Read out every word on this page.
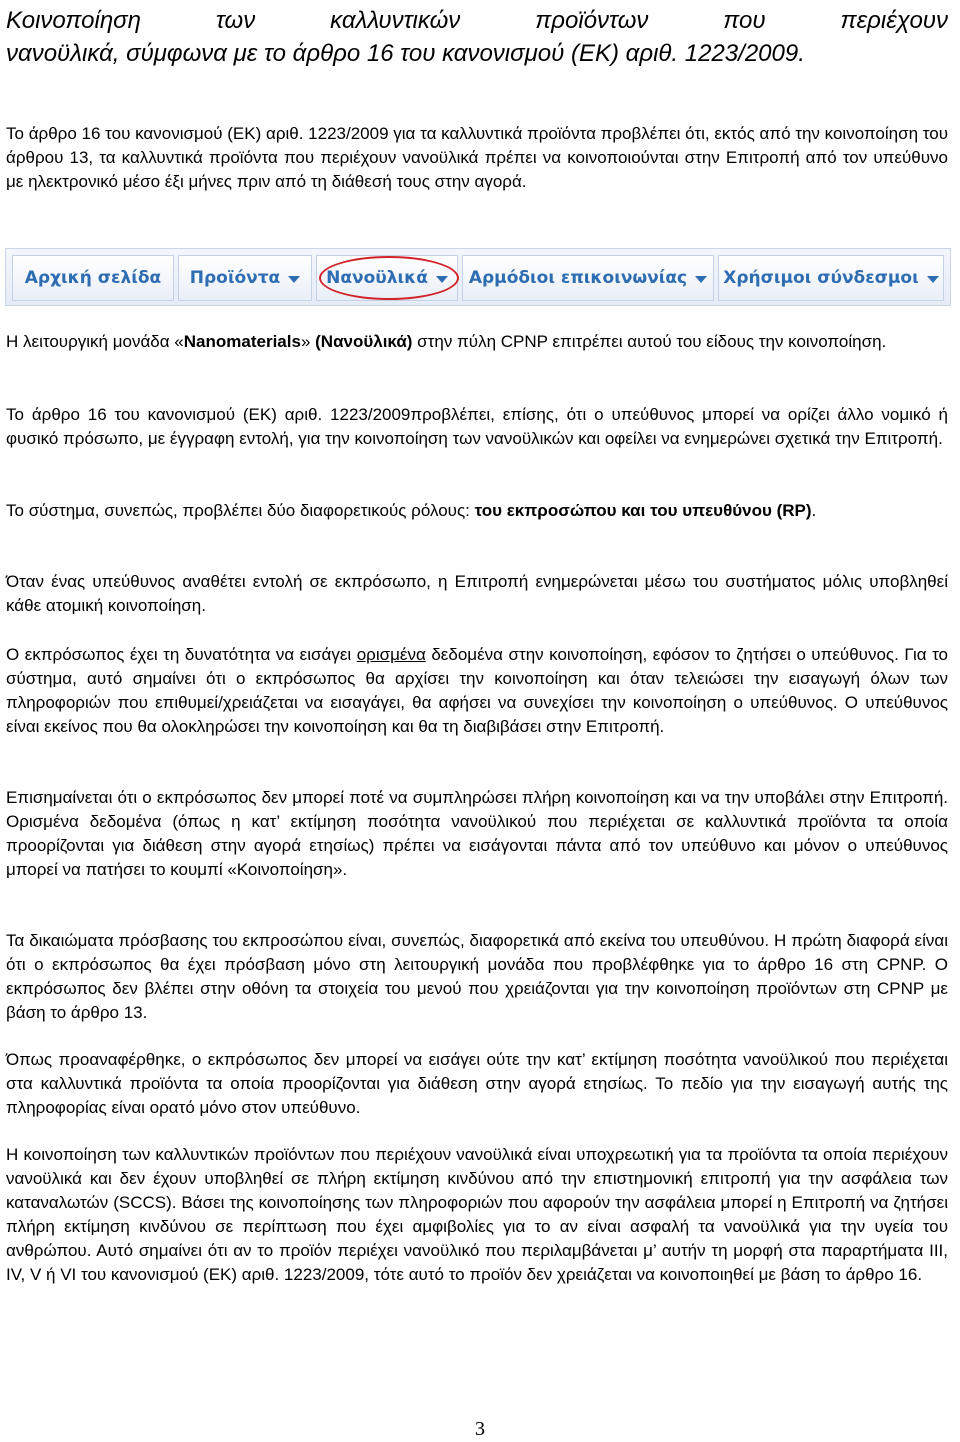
Κοινοποίηση των καλλυντικών προϊόντων που περιέχουν
νανοϋλικά, σύμφωνα με το άρθρο 16 του κανονισμού (ΕΚ) αριθ. 1223/2009.

Το άρθρο 16 του κανονισμού (ΕΚ) αριθ. 1223/2009 για τα καλλυντικά προϊόντα προβλέπει ότι, εκτός από την κοινοποίηση του άρθρου 13, τα καλλυντικά προϊόντα που περιέχουν νανοϋλικά πρέπει να κοινοποιούνται στην Επιτροπή από τον υπεύθυνο με ηλεκτρονικό μέσο έξι μήνες πριν από τη διάθεσή τους στην αγορά.

Η λειτουργική μονάδα «Nanomaterials» (Νανοϋλικά) στην πύλη CPNP επιτρέπει αυτού του είδους την κοινοποίηση.

Το άρθρο 16 του κανονισμού (ΕΚ) αριθ. 1223/2009προβλέπει, επίσης, ότι ο υπεύθυνος μπορεί να ορίζει άλλο νομικό ή φυσικό πρόσωπο, με έγγραφη εντολή, για την κοινοποίηση των νανοϋλικών και οφείλει να ενημερώνει σχετικά την Επιτροπή.

Το σύστημα, συνεπώς, προβλέπει δύο διαφορετικούς ρόλους: του εκπροσώπου και του υπευθύνου (RP).

Όταν ένας υπεύθυνος αναθέτει εντολή σε εκπρόσωπο, η Επιτροπή ενημερώνεται μέσω του συστήματος μόλις υποβληθεί κάθε ατομική κοινοποίηση.

Ο εκπρόσωπος έχει τη δυνατότητα να εισάγει ορισμένα δεδομένα στην κοινοποίηση, εφόσον το ζητήσει ο υπεύθυνος. Για το σύστημα, αυτό σημαίνει ότι ο εκπρόσωπος θα αρχίσει την κοινοποίηση και όταν τελειώσει την εισαγωγή όλων των πληροφοριών που επιθυμεί/χρειάζεται να εισαγάγει, θα αφήσει να συνεχίσει την κοινοποίηση ο υπεύθυνος. Ο υπεύθυνος είναι εκείνος που θα ολοκληρώσει την κοινοποίηση και θα τη διαβιβάσει στην Επιτροπή.

Επισημαίνεται ότι ο εκπρόσωπος δεν μπορεί ποτέ να συμπληρώσει πλήρη κοινοποίηση και να την υποβάλει στην Επιτροπή. Ορισμένα δεδομένα (όπως η κατ’ εκτίμηση ποσότητα νανοϋλικού που περιέχεται σε καλλυντικά προϊόντα τα οποία προορίζονται για διάθεση στην αγορά ετησίως) πρέπει να εισάγονται πάντα από τον υπεύθυνο και μόνον ο υπεύθυνος μπορεί να πατήσει το κουμπί «Κοινοποίηση».

Τα δικαιώματα πρόσβασης του εκπροσώπου είναι, συνεπώς, διαφορετικά από εκείνα του υπευθύνου. Η πρώτη διαφορά είναι ότι ο εκπρόσωπος θα έχει πρόσβαση μόνο στη λειτουργική μονάδα που προβλέφθηκε για το άρθρο 16 στη CPNP. Ο εκπρόσωπος δεν βλέπει στην οθόνη τα στοιχεία του μενού που χρειάζονται για την κοινοποίηση προϊόντων στη CPNP με βάση το άρθρο 13.

Όπως προαναφέρθηκε, ο εκπρόσωπος δεν μπορεί να εισάγει ούτε την κατ’ εκτίμηση ποσότητα νανοϋλικού που περιέχεται στα καλλυντικά προϊόντα τα οποία προορίζονται για διάθεση στην αγορά ετησίως. Το πεδίο για την εισαγωγή αυτής της πληροφορίας είναι ορατό μόνο στον υπεύθυνο.

Η κοινοποίηση των καλλυντικών προϊόντων που περιέχουν νανοϋλικά είναι υποχρεωτική για τα προϊόντα τα οποία περιέχουν νανοϋλικά και δεν έχουν υποβληθεί σε πλήρη εκτίμηση κινδύνου από την επιστημονική επιτροπή για την ασφάλεια των καταναλωτών (SCCS). Βάσει της κοινοποίησης των πληροφοριών που αφορούν την ασφάλεια μπορεί η Επιτροπή να ζητήσει πλήρη εκτίμηση κινδύνου σε περίπτωση που έχει αμφιβολίες για το αν είναι ασφαλή τα νανοϋλικά για την υγεία του ανθρώπου. Αυτό σημαίνει ότι αν το προϊόν περιέχει νανοϋλικό που περιλαμβάνεται μ’ αυτήν τη μορφή στα παραρτήματα III, IV, V ή VI του κανονισμού (ΕΚ) αριθ. 1223/2009, τότε αυτό το προϊόν δεν χρειάζεται να κοινοποιηθεί με βάση το άρθρο 16.

Αρχική σελίδα Προϊόντα	Νανοϋλικά Αρμόδιοι επικοινωνίας Χρήσιμοι σύνδεσμοι
3
